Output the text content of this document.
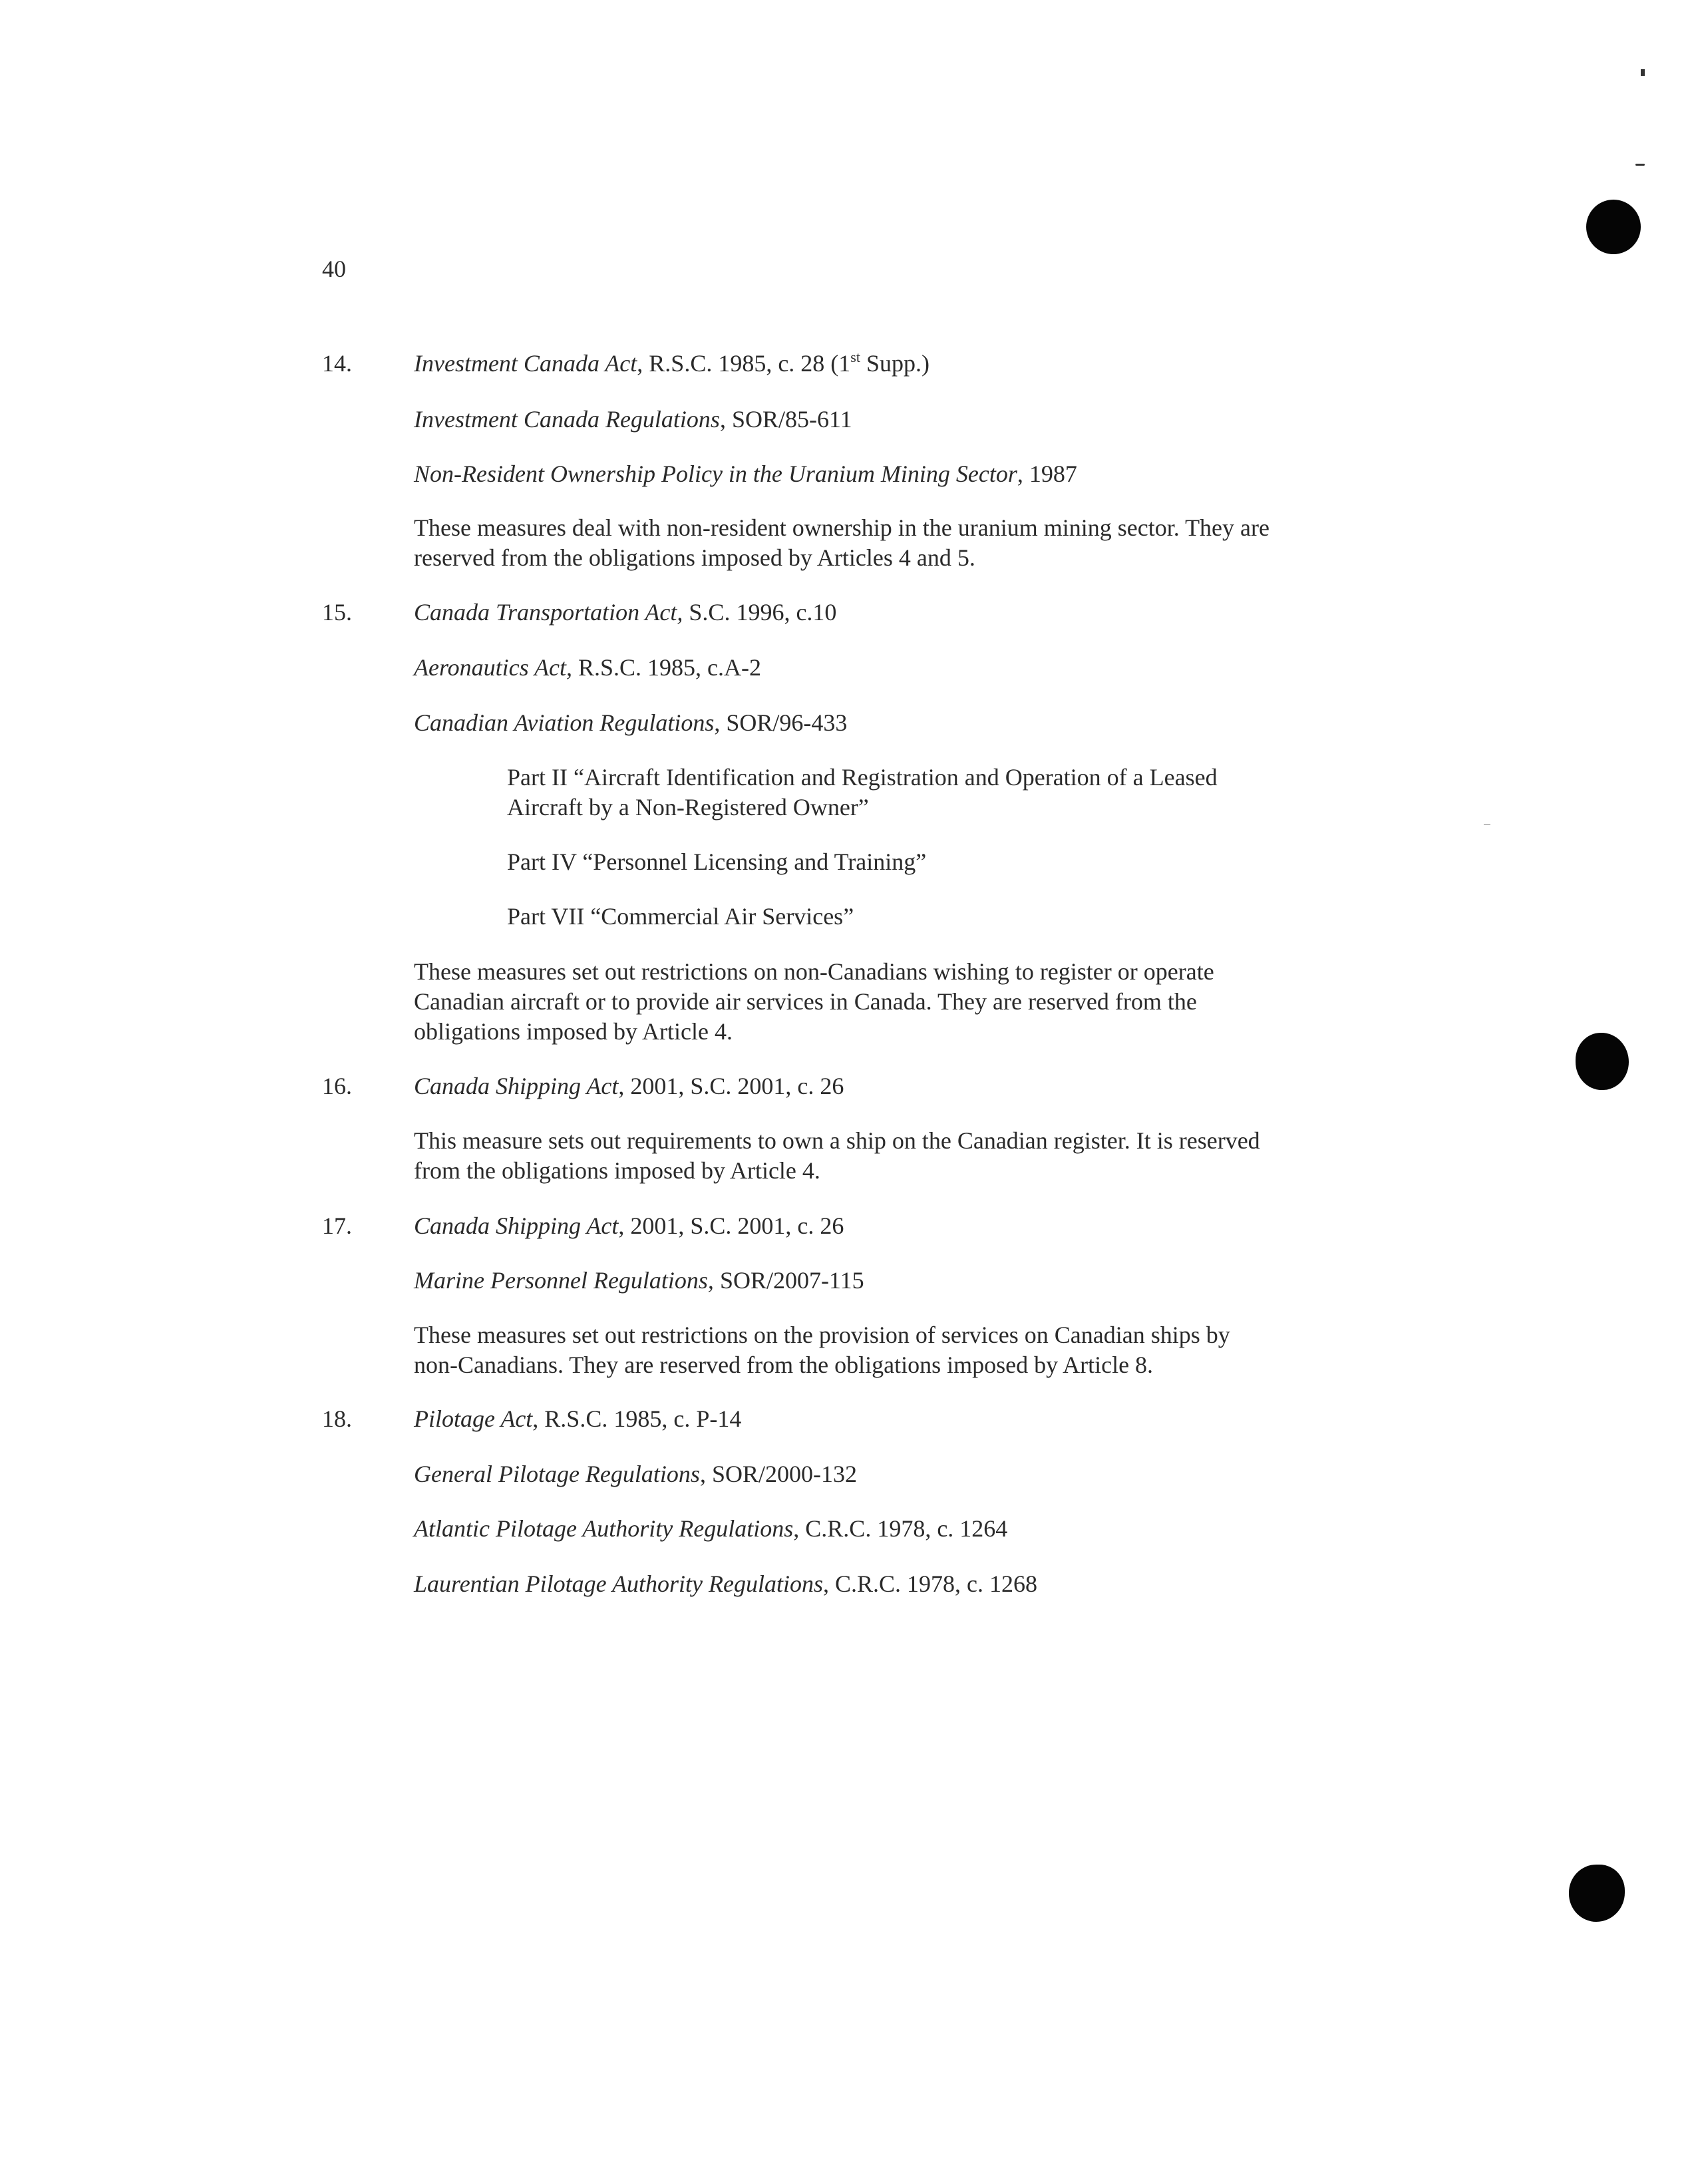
40
14.	Investment Canada Act, R.S.C. 1985, c. 28 (1st Supp.)
Investment Canada Regulations, SOR/85-611
Non-Resident Ownership Policy in the Uranium Mining Sector, 1987
These measures deal with non-resident ownership in the uranium mining sector. They are
reserved from the obligations imposed by Articles 4 and 5.
15.	Canada Transportation Act, S.C. 1996, c.10
Aeronautics Act, R.S.C. 1985, c.A-2
Canadian Aviation Regulations, SOR/96-433
Part II “Aircraft Identification and Registration and Operation of a Leased
Aircraft by a Non-Registered Owner”
Part IV “Personnel Licensing and Training”
Part VII “Commercial Air Services”
These measures set out restrictions on non-Canadians wishing to register or operate
Canadian aircraft or to provide air services in Canada. They are reserved from the
obligations imposed by Article 4.
16.	Canada Shipping Act, 2001, S.C. 2001, c. 26
This measure sets out requirements to own a ship on the Canadian register. It is reserved
from the obligations imposed by Article 4.
17.	Canada Shipping Act, 2001, S.C. 2001, c. 26
Marine Personnel Regulations, SOR/2007-115
These measures set out restrictions on the provision of services on Canadian ships by
non-Canadians. They are reserved from the obligations imposed by Article 8.
18.	Pilotage Act, R.S.C. 1985, c. P-14
General Pilotage Regulations, SOR/2000-132
Atlantic Pilotage Authority Regulations, C.R.C. 1978, c. 1264
Laurentian Pilotage Authority Regulations, C.R.C. 1978, c. 1268
